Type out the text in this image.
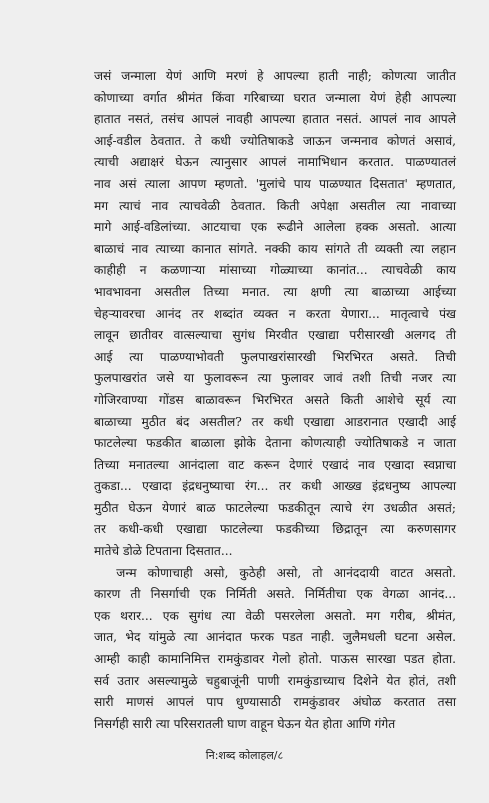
जसं जन्माला येणं आणि मरणं हे आपल्या हाती नाही; कोणत्या जातीत
कोणाच्या वर्गात श्रीमंत किंवा गरिबाच्या घरात जन्माला येणं हेही आपल्या
हातात नसतं, तसंच आपलं नावही आपल्या हातात नसतं. आपलं नाव आपले
आई-वडील ठेवतात. ते कधी ज्योतिषाकडे जाऊन जन्मनाव कोणतं असावं,
त्याची अद्याक्षरं घेऊन त्यानुसार आपलं नामाभिधान करतात. पाळण्यातलं
नाव असं त्याला आपण म्हणतो. 'मुलांचे पाय पाळण्यात दिसतात' म्हणतात,
मग त्याचं नाव त्याचवेळी ठेवतात. किती अपेक्षा असतील त्या नावाच्या
मागे आई-वडिलांच्या. आटयाचा एक रूढीने आलेला हक्क असतो. आत्या
बाळाचं नाव त्याच्या कानात सांगते. नक्की काय सांगते ती व्यक्ती त्या लहान
काहीही न कळणाऱ्या मांसाच्या गोळ्याच्या कानांत... त्याचवेळी काय
भावभावना असतील तिच्या मनात. त्या क्षणी त्या बाळाच्या आईच्या
चेहऱ्यावरचा आनंद तर शब्दांत व्यक्त न करता येणारा... मातृत्वाचे पंख
लावून छातीवर वात्सल्याचा सुगंध मिरवीत एखाद्या परीसारखी अलगद ती
आई त्या पाळण्याभोवती फुलपाखरांसारखी भिरभिरत असते. तिची
फुलपाखरांत जसे या फुलावरून त्या फुलावर जावं तशी तिची नजर त्या
गोजिरवाण्या गोंडस बाळावरून भिरभिरत असते किती आशेचे सूर्य त्या
बाळाच्या मुठीत बंद असतील? तर कधी एखाद्या आडरानात एखादी आई
फाटलेल्या फडकीत बाळाला झोके देताना कोणत्याही ज्योतिषाकडे न जाता
तिच्या मनातल्या आनंदाला वाट करून देणारं एखादं नाव एखादा स्वप्नाचा
तुकडा... एखादा इंद्रधनुष्याचा रंग... तर कधी आख्ख इंद्रधनुष्य आपल्या
मुठीत घेऊन येणारं बाळ फाटलेल्या फडकीतून त्याचे रंग उधळीत असतं;
तर कधी-कधी एखाद्या फाटलेल्या फडकीच्या छिद्रातून त्या करुणसागर
मातेचे डोळे टिपताना दिसतात...
जन्म कोणाचाही असो, कुठेही असो, तो आनंददायी वाटत असतो.
कारण ती निसर्गाची एक निर्मिती असते. निर्मितीचा एक वेगळा आनंद...
एक थरार... एक सुगंध त्या वेळी पसरलेला असतो. मग गरीब, श्रीमंत,
जात, भेद यांमुळे त्या आनंदात फरक पडत नाही. जुलैमधली घटना असेल.
आम्ही काही कामानिमित्त रामकुंडावर गेलो होतो. पाऊस सारखा पडत होता.
सर्व उतार असल्यामुळे चहुबाजूंनी पाणी रामकुंडाच्याच दिशेने येत होतं, तशी
सारी माणसं आपलं पाप धुण्यासाठी रामकुंडावर अंघोळ करतात तसा
निसर्गही सारी त्या परिसरातली घाण वाहून घेऊन येत होता आणि गंगेत
नि:शब्द कोलाहल/८
